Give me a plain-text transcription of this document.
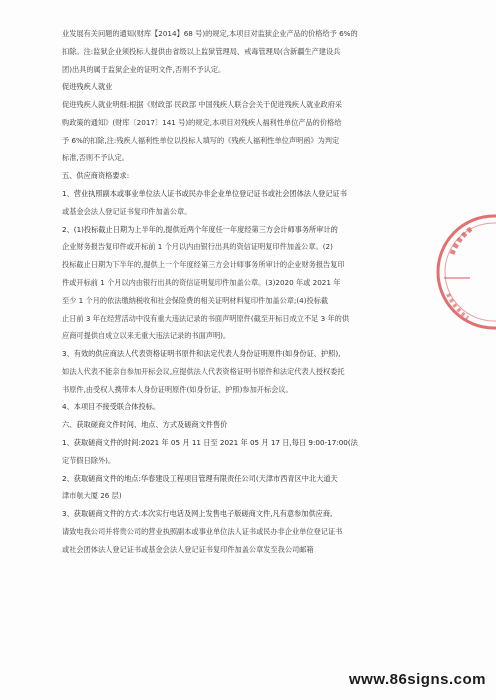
业发展有关问题的通知(财库【2014】68 号)的规定,本项目对监狱企业产品的价格给予 6%的
扣除。注:监狱企业须投标人提供由省级以上监狱管理局、戒毒管理局(含新疆生产建设兵
团)出具的属于监狱企业的证明文件,否则不予认定。
促进残疾人就业
促进残疾人就业明细:根据《财政部 民政部 中国残疾人联合会关于促进残疾人就业政府采
购政策的通知》(财库〔2017〕141 号)的规定,本项目对残疾人福利性单位产品的价格给
予 6%的扣除,注:残疾人福利性单位以投标人填写的《残疾人福利性单位声明函》为判定
标准,否则不予认定。
五、供应商资格要求:
1、营业执照副本或事业单位法人证书或民办非企业单位登记证书或社会团体法人登记证书
或基金会法人登记证书复印件加盖公章。
2、(1)投标截止日期为上半年的,提供近两个年度任一年度经第三方会计师事务所审计的
企业财务报告复印件或开标前 1 个月以内由银行出具的资信证明复印件加盖公章。(2)
投标截止日期为下半年的,提供上一个年度经第三方会计师事务所审计的企业财务报告复印
件或开标前 1 个月以内由银行出具的资信证明复印件加盖公章。(3)2020 年或 2021 年
至少 1 个月的依法缴纳税收和社会保险费的相关证明材料复印件加盖公章;(4)投标截
止日前 3 年在经营活动中没有重大违法记录的书面声明原件(截至开标日成立不足 3 年的供
应商可提供自成立以来无重大违法记录的书面声明)。
3、有效的供应商法人代表资格证明书原件和法定代表人身份证明原件(如身份证、护照),
如法人代表不能亲自参加开标会议,应提供法人代表资格证明书原件和法定代表人授权委托
书原件,由受权人携带本人身份证明原件(如身份证、护照)参加开标会议。
4、本项目不接受联合体投标。
六、获取磋商文件时间、地点、方式及磋商文件售价
1、获取磋商文件的时间:2021 年 05 月 11 日至 2021 年 05 月 17 日,每日 9:00-17:00(法
定节假日除外)。
2、获取磋商文件的地点:华春建设工程项目管理有限责任公司(天津市西青区中北大道天
津市航大厦 26 层)
3、获取磋商文件的方式:本次实行电话及网上发售电子版磋商文件,凡有意参加供应商,
请致电我公司并将贵公司的营业执照副本或事业单位法人证书或民办非企业单位登记证书
或社会团体法人登记证书或基金会法人登记证书复印件加盖公章发至我公司邮箱
www.86signs.com
